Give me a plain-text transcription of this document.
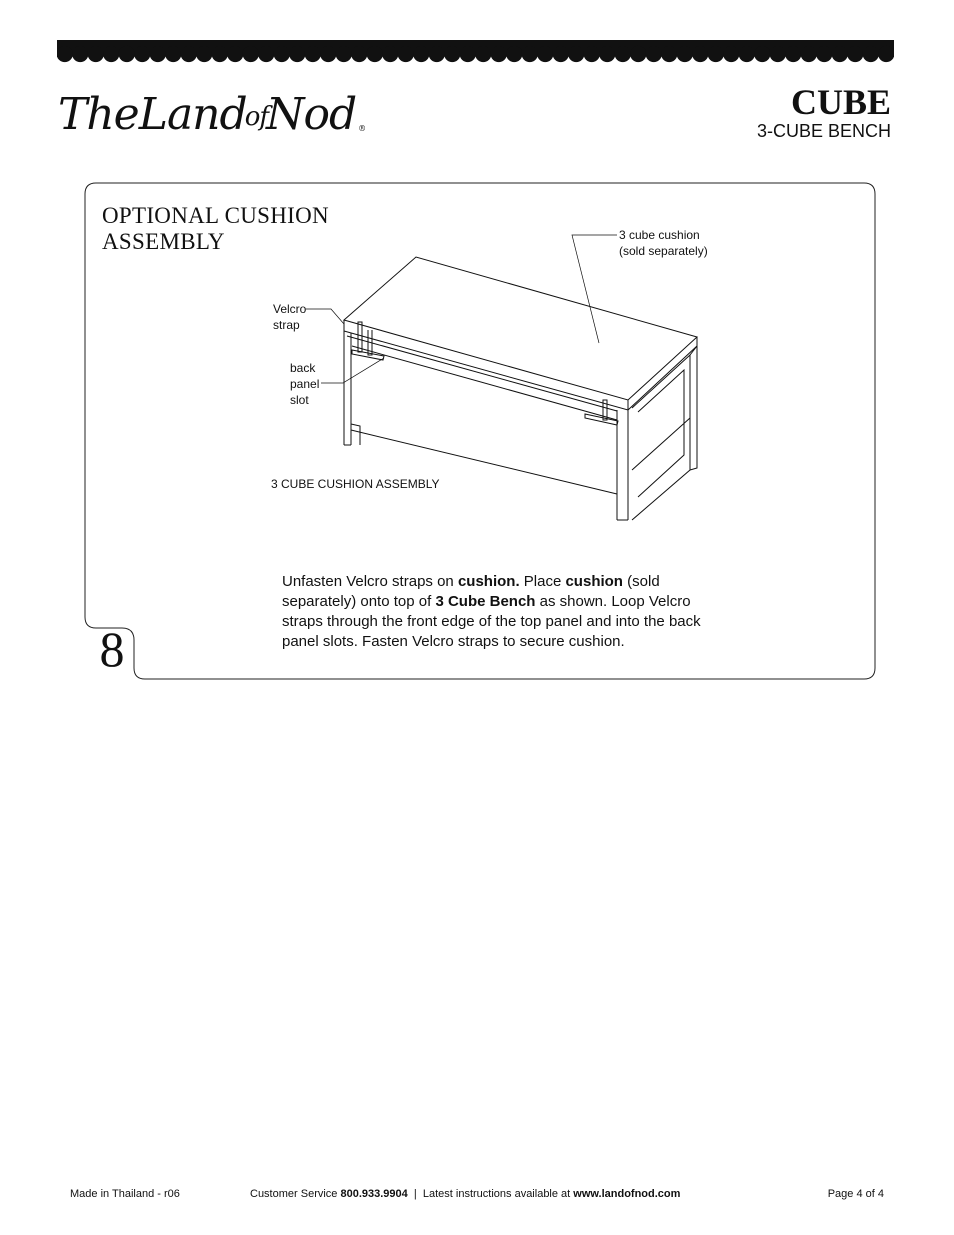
TheLandofNod ®
CUBE
3-CUBE BENCH
OPTIONAL CUSHION
ASSEMBLY
8
3 cube cushion
(sold separately)
Velcro
strap
back
panel
slot
3 CUBE CUSHION ASSEMBLY

Unfasten Velcro straps on cushion. Place cushion (sold separately) onto top of 3 Cube Bench as shown. Loop Velcro straps through the front edge of the top panel and into the back panel slots. Fasten Velcro straps to secure cushion.

Made in Thailand - r06	Customer Service 800.933.9904  |  Latest instructions available at www.landofnod.com	Page 4 of 4
